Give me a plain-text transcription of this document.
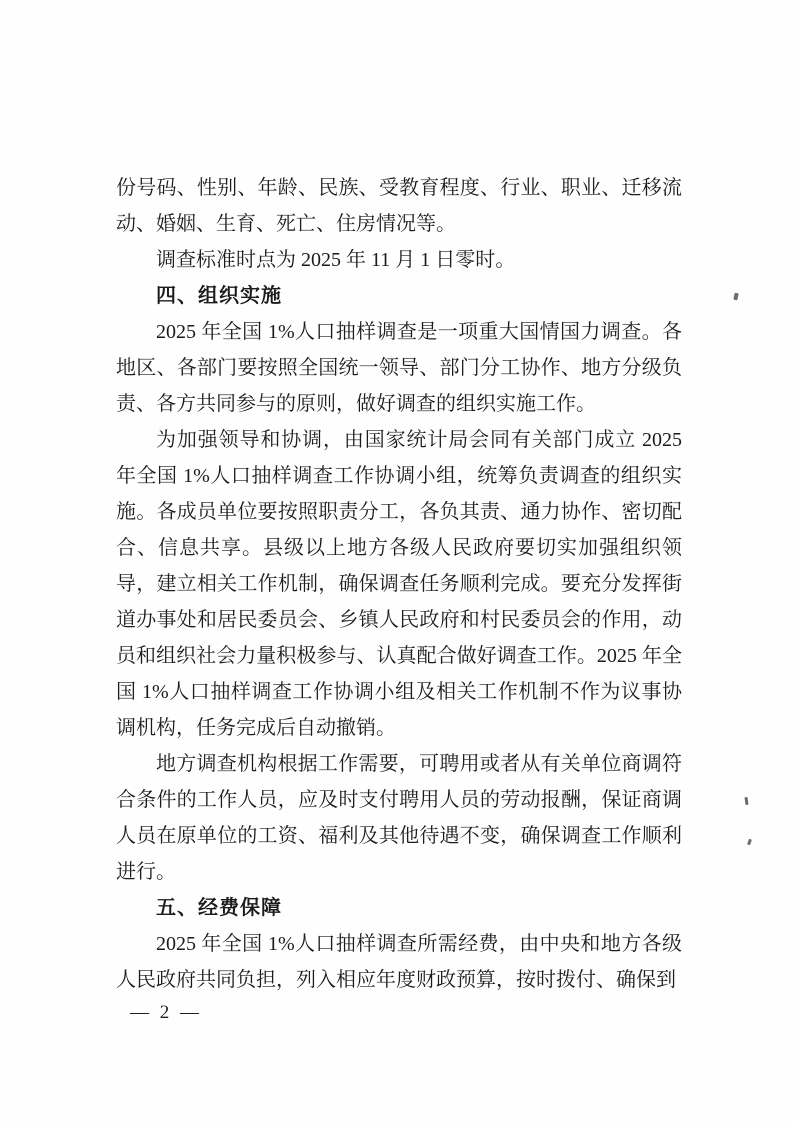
份号码、性别、年龄、民族、受教育程度、行业、职业、迁移流动、婚姻、生育、死亡、住房情况等。

调查标准时点为 2025 年 11 月 1 日零时。

四、组织实施

2025 年全国 1%人口抽样调查是一项重大国情国力调查。各地区、各部门要按照全国统一领导、部门分工协作、地方分级负责、各方共同参与的原则，做好调查的组织实施工作。

为加强领导和协调，由国家统计局会同有关部门成立 2025 年全国 1%人口抽样调查工作协调小组，统筹负责调查的组织实施。各成员单位要按照职责分工，各负其责、通力协作、密切配合、信息共享。县级以上地方各级人民政府要切实加强组织领导，建立相关工作机制，确保调查任务顺利完成。要充分发挥街道办事处和居民委员会、乡镇人民政府和村民委员会的作用，动员和组织社会力量积极参与、认真配合做好调查工作。2025 年全国 1%人口抽样调查工作协调小组及相关工作机制不作为议事协调机构，任务完成后自动撤销。

地方调查机构根据工作需要，可聘用或者从有关单位商调符合条件的工作人员，应及时支付聘用人员的劳动报酬，保证商调人员在原单位的工资、福利及其他待遇不变，确保调查工作顺利进行。

五、经费保障

2025 年全国 1%人口抽样调查所需经费，由中央和地方各级人民政府共同负担，列入相应年度财政预算，按时拨付、确保到

— 2 —
